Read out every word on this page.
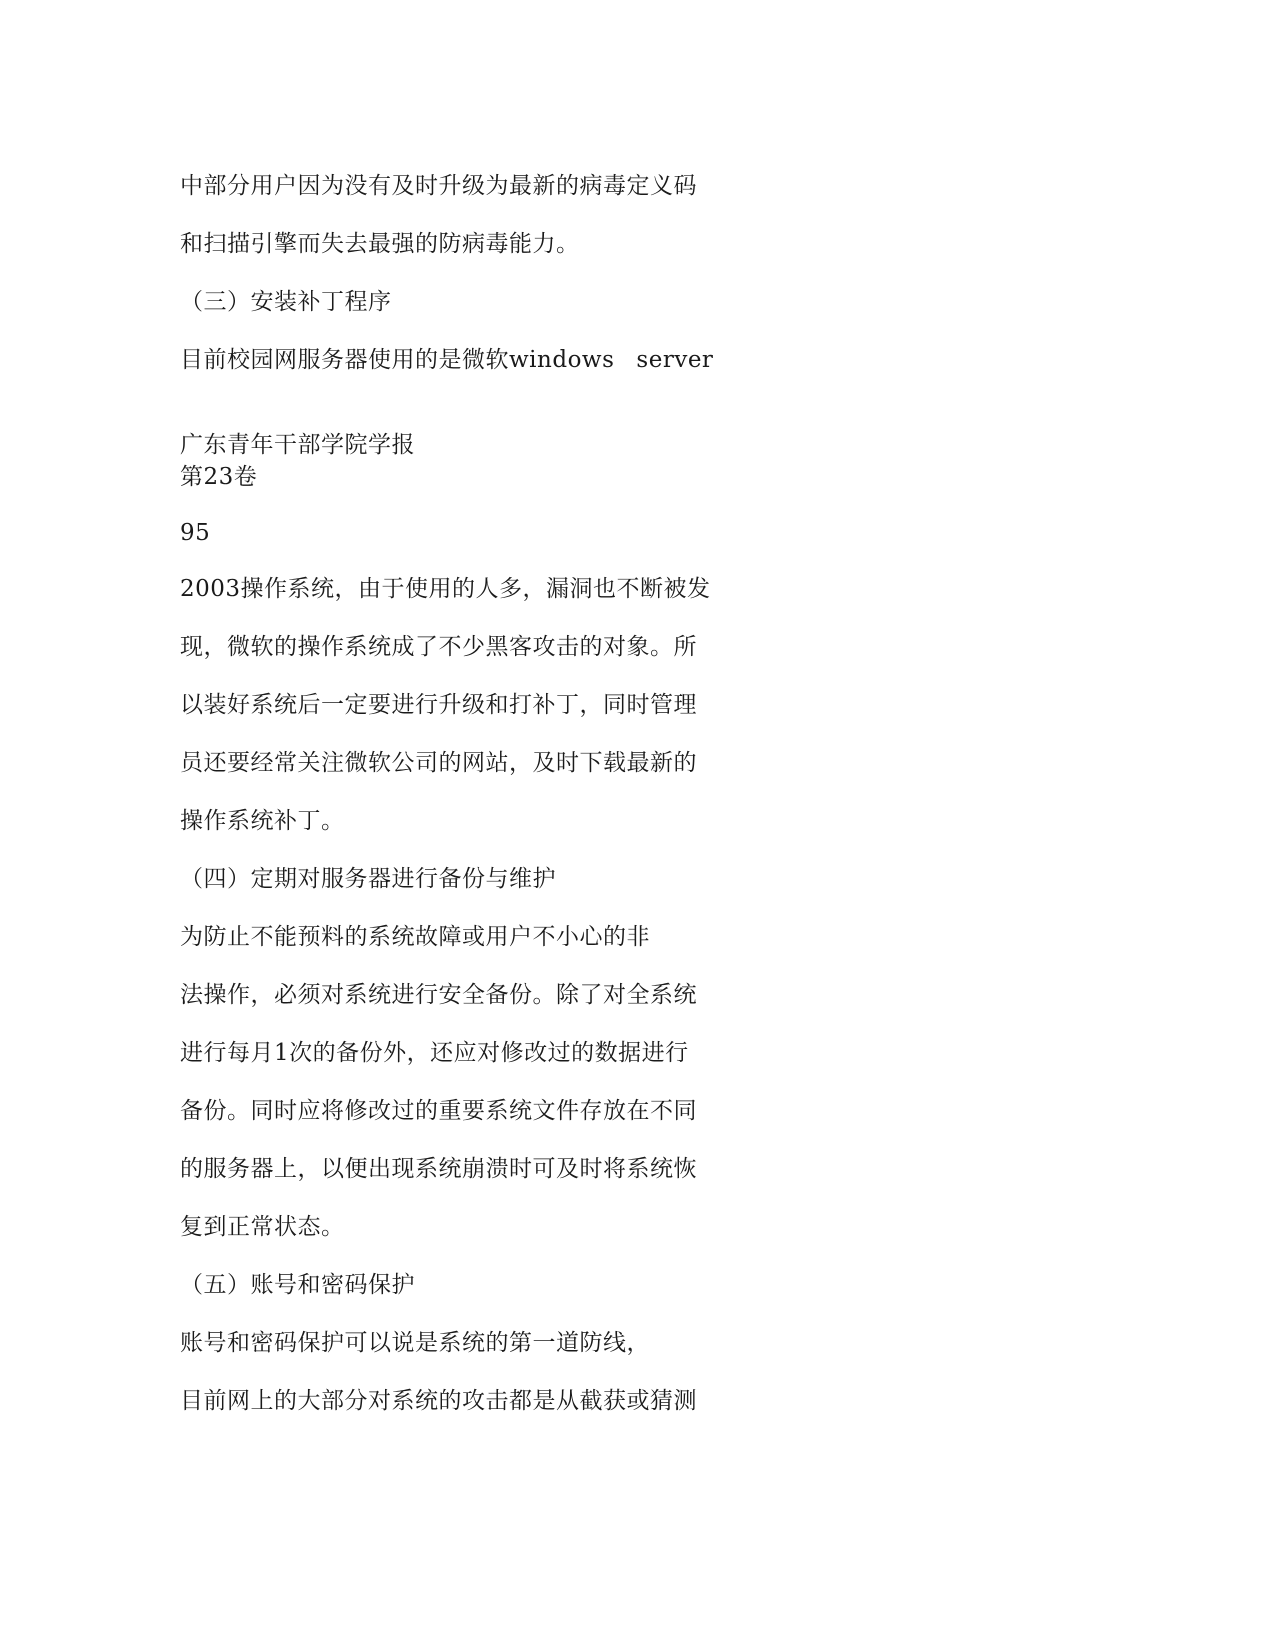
中部分用户因为没有及时升级为最新的病毒定义码
和扫描引擎而失去最强的防病毒能力。
（三）安装补丁程序
目前校园网服务器使用的是微软windows server
广东青年干部学院学报
第23卷
95
2003操作系统，由于使用的人多，漏洞也不断被发
现，微软的操作系统成了不少黑客攻击的对象。所
以装好系统后一定要进行升级和打补丁，同时管理
员还要经常关注微软公司的网站，及时下载最新的
操作系统补丁。
（四）定期对服务器进行备份与维护
为防止不能预料的系统故障或用户不小心的非
法操作，必须对系统进行安全备份。除了对全系统
进行每月1次的备份外，还应对修改过的数据进行
备份。同时应将修改过的重要系统文件存放在不同
的服务器上，以便出现系统崩溃时可及时将系统恢
复到正常状态。
（五）账号和密码保护
账号和密码保护可以说是系统的第一道防线，
目前网上的大部分对系统的攻击都是从截获或猜测
